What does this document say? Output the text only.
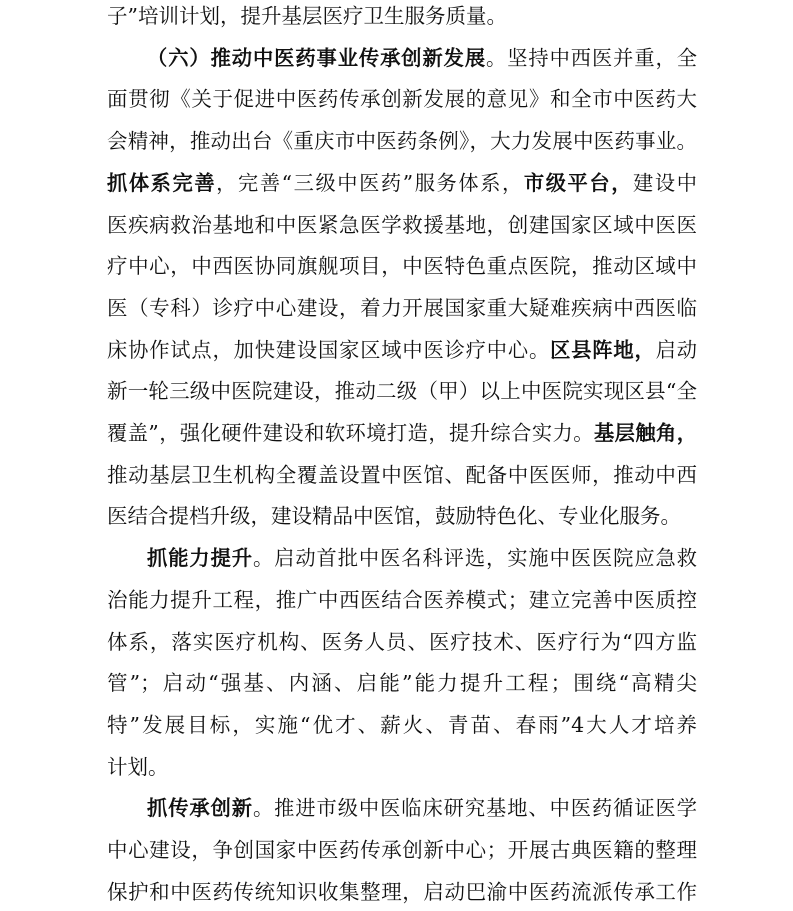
子”培训计划，提升基层医疗卫生服务质量。
（六）推动中医药事业传承创新发展。坚持中西医并重，全
面贯彻《关于促进中医药传承创新发展的意见》和全市中医药大
会精神，推动出台《重庆市中医药条例》，大力发展中医药事业。
抓体系完善，完善“三级中医药”服务体系，市级平台，建设中
医疾病救治基地和中医紧急医学救援基地，创建国家区域中医医
疗中心，中西医协同旗舰项目，中医特色重点医院，推动区域中
医（专科）诊疗中心建设，着力开展国家重大疑难疾病中西医临
床协作试点，加快建设国家区域中医诊疗中心。区县阵地，启动
新一轮三级中医院建设，推动二级（甲）以上中医院实现区县“全
覆盖”，强化硬件建设和软环境打造，提升综合实力。基层触角，
推动基层卫生机构全覆盖设置中医馆、配备中医医师，推动中西
医结合提档升级，建设精品中医馆，鼓励特色化、专业化服务。
抓能力提升。启动首批中医名科评选，实施中医医院应急救
治能力提升工程，推广中西医结合医养模式；建立完善中医质控
体系，落实医疗机构、医务人员、医疗技术、医疗行为“四方监
管”；启动“强基、内涵、启能”能力提升工程；围绕“高精尖
特”发展目标，实施“优才、薪火、青苗、春雨”4大人才培养
计划。
抓传承创新。推进市级中医临床研究基地、中医药循证医学
中心建设，争创国家中医药传承创新中心；开展古典医籍的整理
保护和中医药传统知识收集整理，启动巴渝中医药流派传承工作
